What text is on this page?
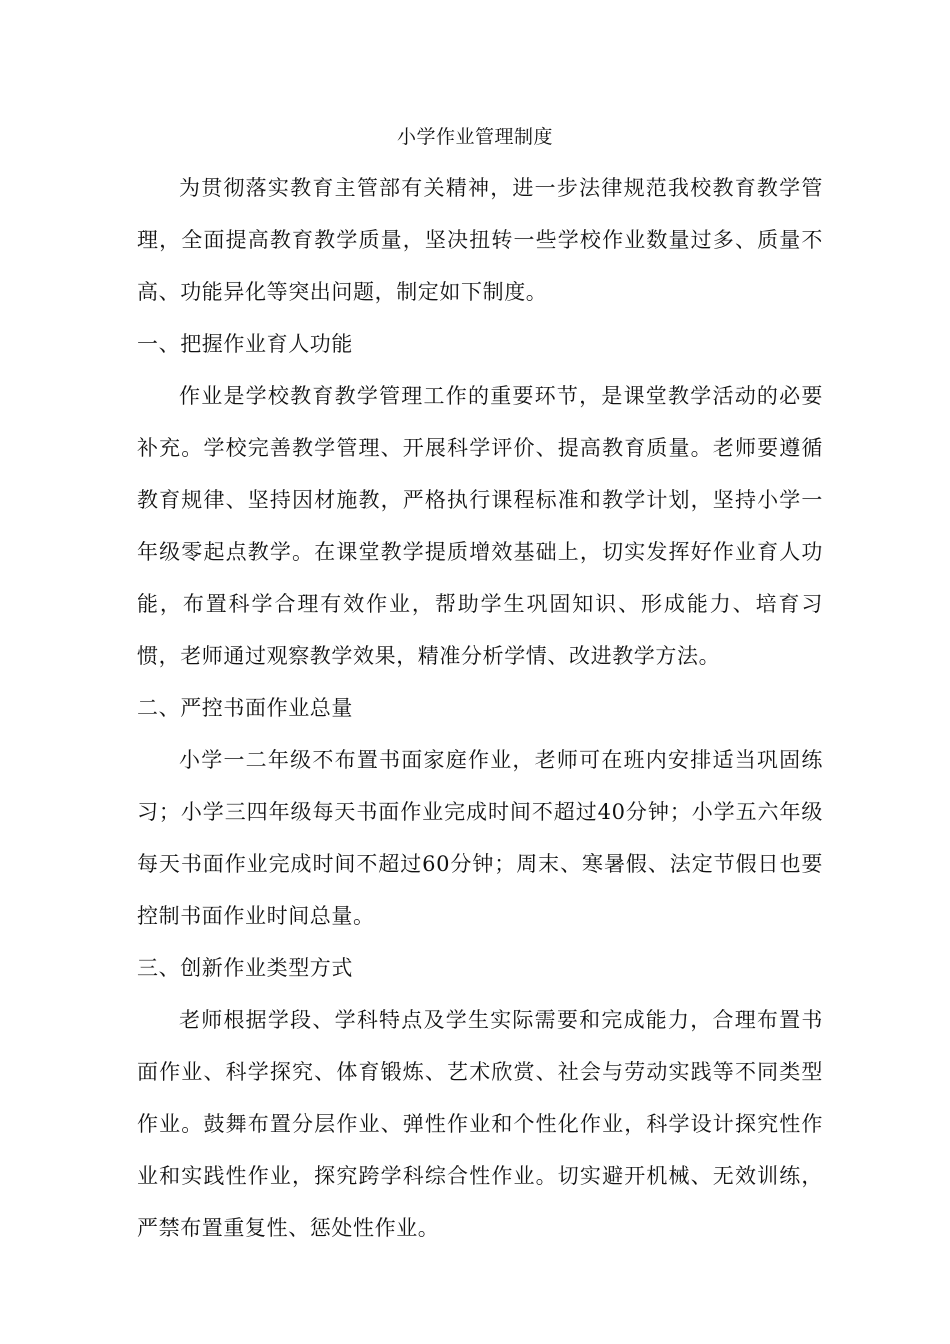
小学作业管理制度

为贯彻落实教育主管部有关精神，进一步法律规范我校教育教学管理，全面提高教育教学质量，坚决扭转一些学校作业数量过多、质量不高、功能异化等突出问题，制定如下制度。

一、把握作业育人功能

作业是学校教育教学管理工作的重要环节，是课堂教学活动的必要补充。学校完善教学管理、开展科学评价、提高教育质量。老师要遵循教育规律、坚持因材施教，严格执行课程标准和教学计划，坚持小学一年级零起点教学。在课堂教学提质增效基础上，切实发挥好作业育人功能，布置科学合理有效作业，帮助学生巩固知识、形成能力、培育习惯，老师通过观察教学效果，精准分析学情、改进教学方法。

二、严控书面作业总量

小学一二年级不布置书面家庭作业，老师可在班内安排适当巩固练习；小学三四年级每天书面作业完成时间不超过40分钟；小学五六年级每天书面作业完成时间不超过60分钟；周末、寒暑假、法定节假日也要控制书面作业时间总量。

三、创新作业类型方式

老师根据学段、学科特点及学生实际需要和完成能力，合理布置书面作业、科学探究、体育锻炼、艺术欣赏、社会与劳动实践等不同类型作业。鼓舞布置分层作业、弹性作业和个性化作业，科学设计探究性作业和实践性作业，探究跨学科综合性作业。切实避开机械、无效训练，严禁布置重复性、惩处性作业。
